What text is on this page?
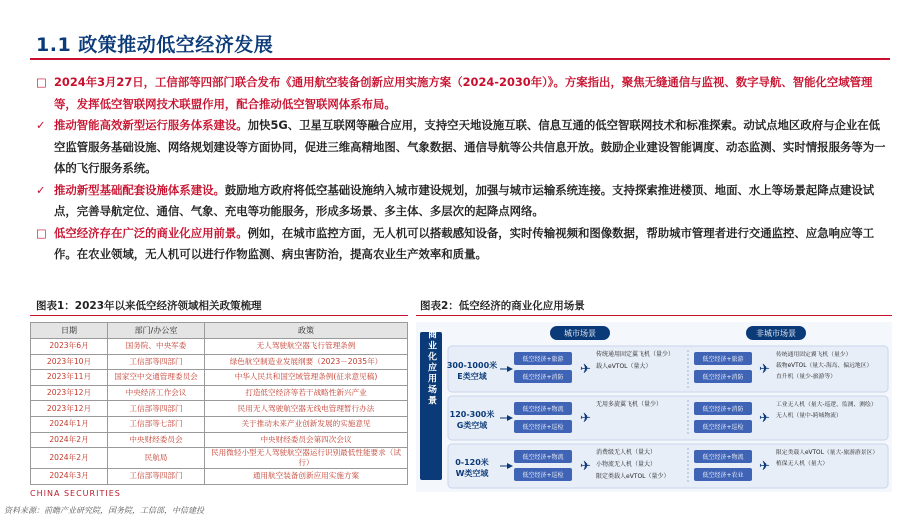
1.1 政策推动低空经济发展
□ 2024年3月27日，工信部等四部门联合发布《通用航空装备创新应用实施方案（2024-2030年）》。方案指出，聚焦无缝通信与监视、数字导航、智能化空域管理等，发挥低空智联网技术联盟作用，配合推动低空智联网体系布局。
✓ 推动智能高效新型运行服务体系建设。加快5G、卫星互联网等融合应用，支持空天地设施互联、信息互通的低空智联网技术和标准探索。动试点地区政府与企业在低空监管服务基础设施、网络规划建设等方面协同，促进三维高精地图、气象数据、通信导航等公共信息开放。鼓励企业建设智能调度、动态监测、实时情报服务等为一体的飞行服务系统。
✓ 推动新型基础配套设施体系建设。鼓励地方政府将低空基础设施纳入城市建设规划，加强与城市运输系统连接。支持探索推进楼顶、地面、水上等场景起降点建设试点，完善导航定位、通信、气象、充电等功能服务，形成多场景、多主体、多层次的起降点网络。
□ 低空经济存在广泛的商业化应用前景。例如，在城市监控方面，无人机可以搭载感知设备，实时传输视频和图像数据，帮助城市管理者进行交通监控、应急响应等工作。在农业领域，无人机可以进行作物监测、病虫害防治，提高农业生产效率和质量。
图表1：2023年以来低空经济领域相关政策梳理	图表2：低空经济的商业化应用场景
日期	部门/办公室	政策
2023年6月	国务院、中央军委	无人驾驶航空器飞行管理条例
2023年10月	工信部等四部门	绿色航空制造业发展纲要（2023－2035年）
2023年11月	国家空中交通管理委员会	中华人民共和国空域管理条例(征求意见稿)
2023年12月	中央经济工作会议	打造低空经济等若干战略性新兴产业
2023年12月	工信部等四部门	民用无人驾驶航空器无线电管理暂行办法
2024年1月	工信部等七部门	关于推动未来产业创新发展的实施意见
2024年2月	中央财经委员会	中央财经委员会第四次会议
2024年2月	民航局	民用微轻小型无人驾驶航空器运行识别最低性能要求（试行）
2024年3月	工信部等四部门	通用航空装备创新应用实施方案
商业化应用场景	城市场景	非城市场景
300-1000米
E类空域
低空经济+旅游
低空经济+消防
✈
传统通用固定翼飞机（量少）
载人eVTOL（量大）
低空经济+旅游
低空经济+消防
✈
传统通用固定翼飞机（量少）
载物eVTOL（量大-海岛、偏远地区）
直升机（量少-旅游等）
120-300米
G类空域
低空经济+物流
低空经济+巡检
✈
无用多旋翼飞机（量少）
低空经济+消防
低空经济+巡检
✈
工业无人机（量大-巡逻、监测、测绘）
无人机（量中-跨城物流）
0-120米
W类空域
低空经济+物流
低空经济+巡检
✈
消费级无人机（量大）
小物流无人机（量大）
限定类载人eVTOL（量少）
低空经济+物流
低空经济+农业
✈
限定类载人eVTOL（量大-旅游游景区）
植保无人机（量大）
CHINA SECURITIES
资料来源：前瞻产业研究院，国务院，工信部，中信建投
